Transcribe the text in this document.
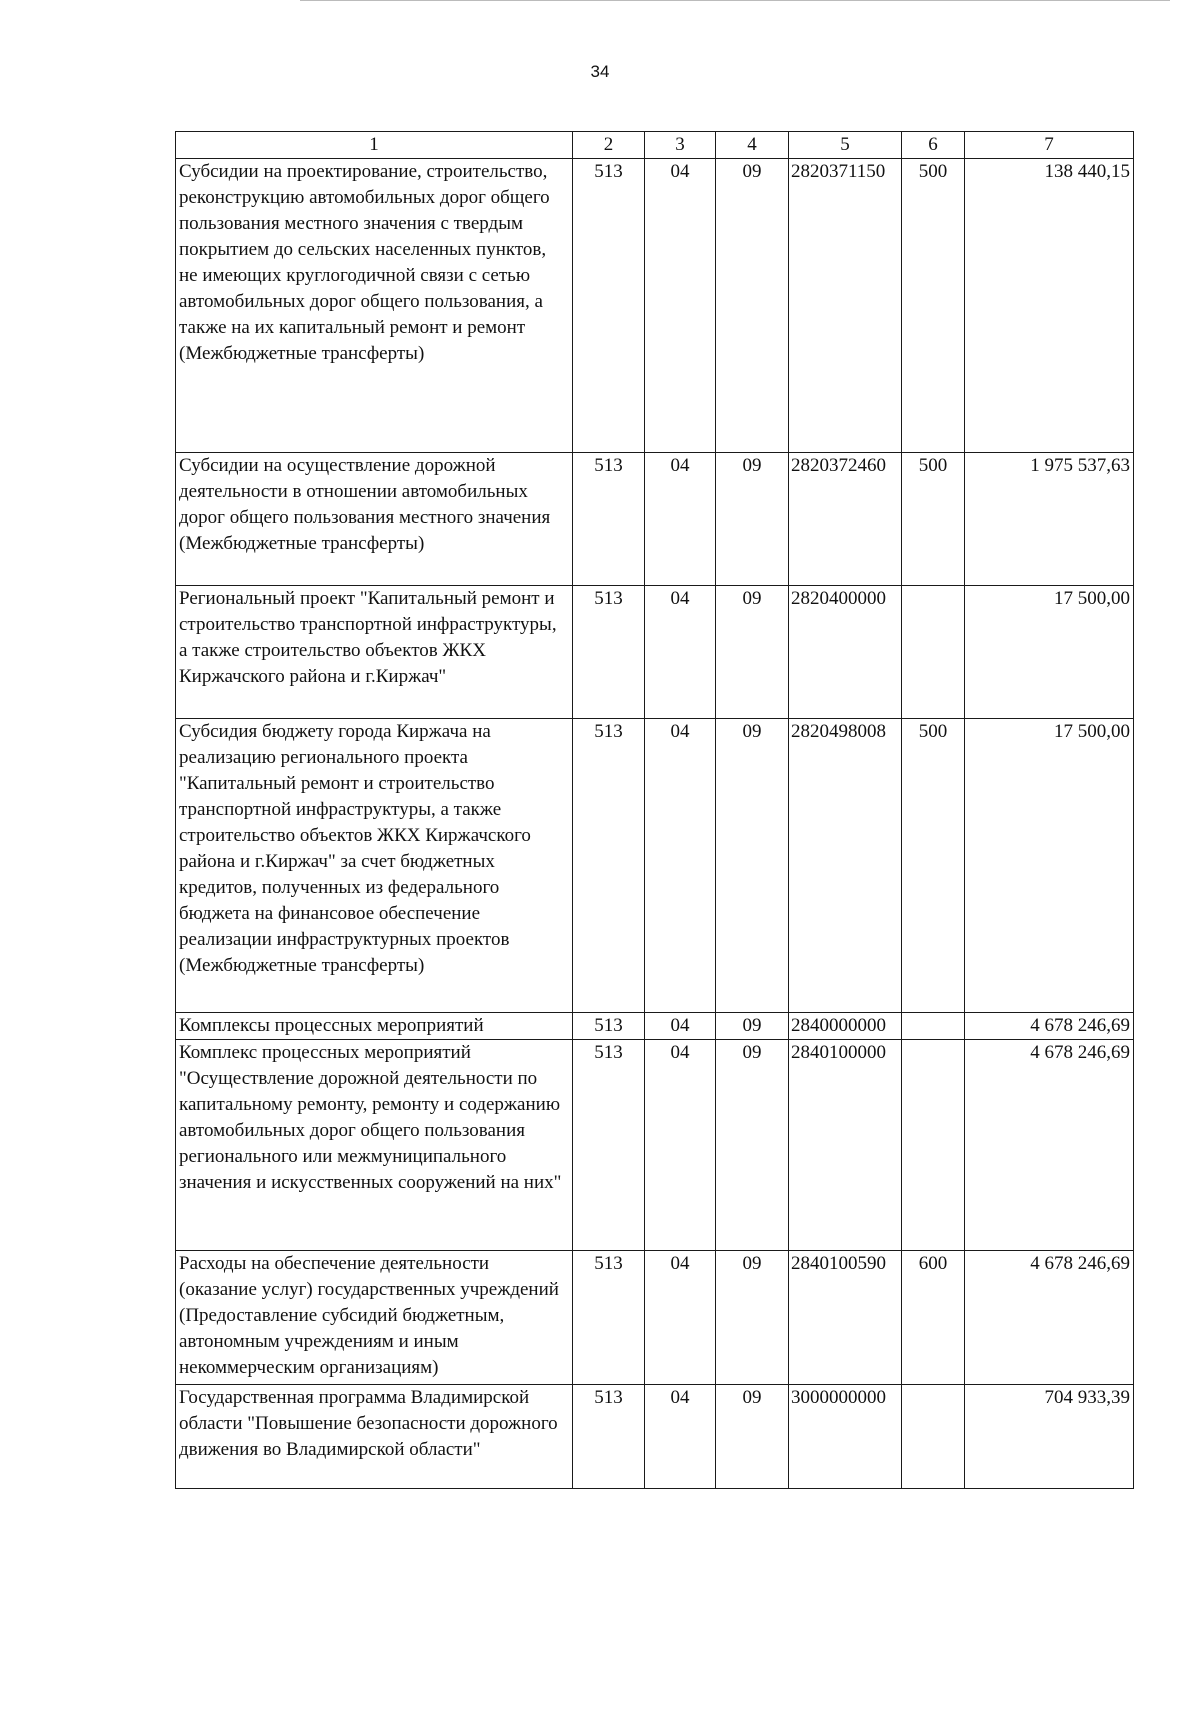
34
1	2	3	4	5	6	7
Субсидии на проектирование, строительство, реконструкцию автомобильных дорог общего пользования местного значения с твердым покрытием до сельских населенных пунктов, не имеющих круглогодичной связи с сетью автомобильных дорог общего пользования, а также на их капитальный ремонт и ремонт (Межбюджетные трансферты)	513	04	09	2820371150	500	138 440,15
Субсидии на осуществление дорожной деятельности в отношении автомобильных дорог общего пользования местного значения (Межбюджетные трансферты)	513	04	09	2820372460	500	1 975 537,63
Региональный проект "Капитальный ремонт и строительство транспортной инфраструктуры, а также строительство объектов ЖКХ Киржачского района и г.Киржач"	513	04	09	2820400000		17 500,00
Субсидия бюджету города Киржача на реализацию регионального проекта "Капитальный ремонт и строительство транспортной инфраструктуры, а также строительство объектов ЖКХ Киржачского района и г.Киржач" за счет бюджетных кредитов, полученных из федерального бюджета на финансовое обеспечение реализации инфраструктурных проектов (Межбюджетные трансферты)	513	04	09	2820498008	500	17 500,00
Комплексы процессных мероприятий	513	04	09	2840000000		4 678 246,69
Комплекс процессных мероприятий "Осуществление дорожной деятельности по капитальному ремонту, ремонту и содержанию автомобильных дорог общего пользования регионального или межмуниципального значения и искусственных сооружений на них"	513	04	09	2840100000		4 678 246,69
Расходы на обеспечение деятельности (оказание услуг) государственных учреждений (Предоставление субсидий бюджетным, автономным учреждениям и иным некоммерческим организациям)	513	04	09	2840100590	600	4 678 246,69
Государственная программа Владимирской области "Повышение безопасности дорожного движения во Владимирской области"	513	04	09	3000000000		704 933,39
